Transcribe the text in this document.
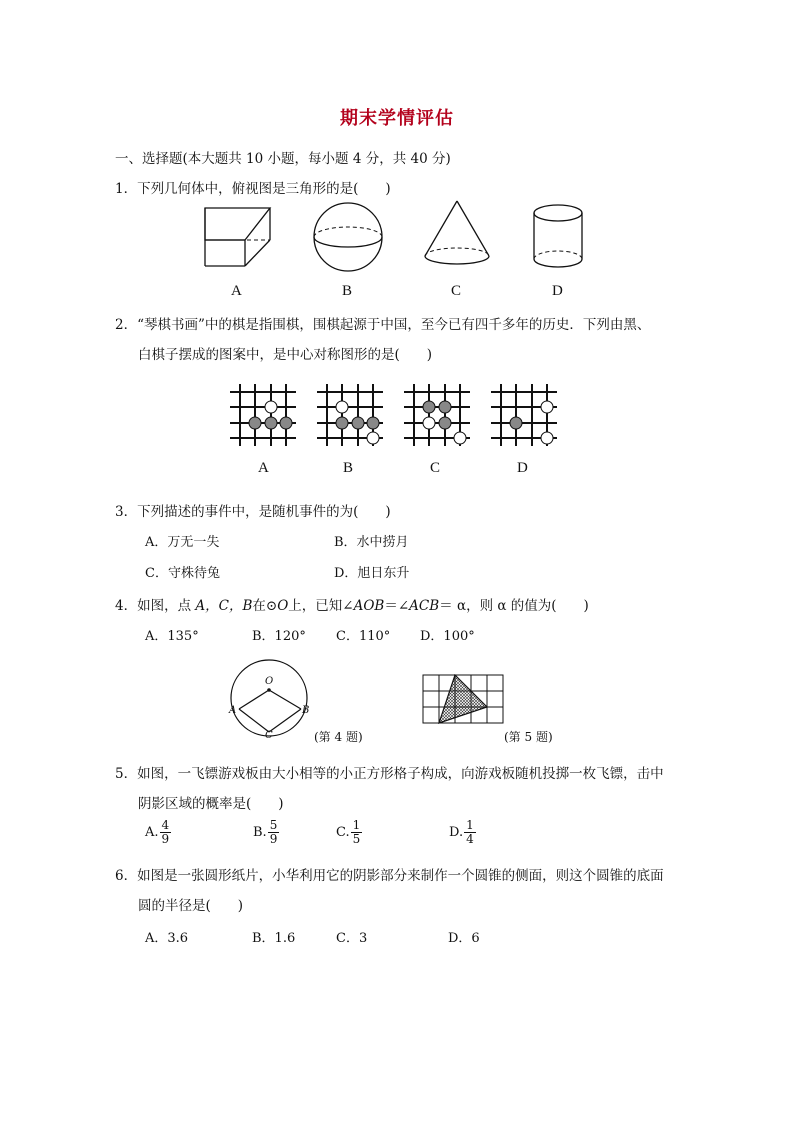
期末学情评估
一、选择题(本大题共 10 小题，每小题 4 分，共 40 分)
1．下列几何体中，俯视图是三角形的是(　　)
A	B	C	D
2．“琴棋书画”中的棋是指围棋，围棋起源于中国，至今已有四千多年的历史．下列由黑、
白棋子摆成的图案中，是中心对称图形的是(　　)
A	B	C	D
3．下列描述的事件中，是随机事件的为(　　)
A．万无一失	B．水中捞月
C．守株待兔	D．旭日东升
4．如图，点 A，C，B在⊙O上，已知∠AOB＝∠ACB＝ α，则 α 的值为(　　)
A．135°	B．120° C．110° D．100°
O
A	B
C	(第 4 题)	(第 5 题)
5．如图，一飞镖游戏板由大小相等的小正方形格子构成，向游戏板随机投掷一枚飞镖，击中
阴影区域的概率是(　　)
A. $\frac{4}{9}$	B. $\frac{5}{9}$	C. $\frac{1}{5}$	D. $\frac{1}{4}$
6．如图是一张圆形纸片，小华利用它的阴影部分来制作一个圆锥的侧面，则这个圆锥的底面
圆的半径是(　　)
A．3.6	B．1.6	C．3	D．6
